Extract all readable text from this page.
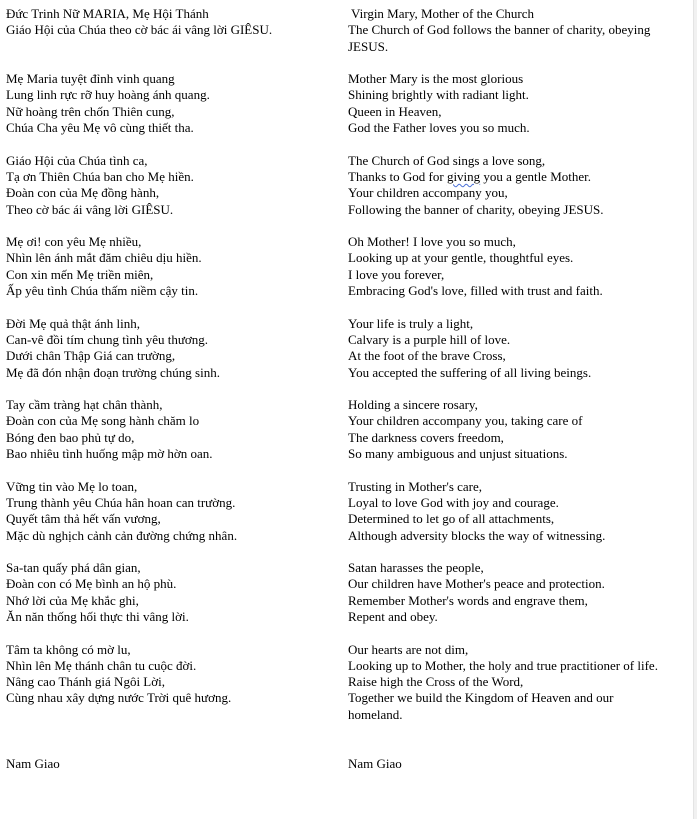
Đức Trinh Nữ MARIA, Mẹ Hội Thánh
Giáo Hội của Chúa theo cờ bác ái vâng lời GIÊSU.
Mẹ Maria tuyệt đỉnh vinh quang
Lung linh rực rỡ huy hoàng ánh quang.
Nữ hoàng trên chốn Thiên cung,
Chúa Cha yêu Mẹ vô cùng thiết tha.
Giáo Hội của Chúa tình ca,
Tạ ơn Thiên Chúa ban cho Mẹ hiền.
Đoàn con của Mẹ đồng hành,
Theo cờ bác ái vâng lời GIÊSU.
Mẹ ơi! con yêu Mẹ nhiều,
Nhìn lên ánh mắt đăm chiêu dịu hiền.
Con xin mến Mẹ triền miên,
Ấp yêu tình Chúa thấm niềm cậy tin.
Đời Mẹ quả thật ánh linh,
Can-vê đồi tím chung tình yêu thương.
Dưới chân Thập Giá can trường,
Mẹ đã đón nhận đoạn trường chúng sinh.
Tay cầm tràng hạt chân thành,
Đoàn con của Mẹ song hành chăm lo
Bóng đen bao phủ tự do,
Bao nhiêu tình huống mập mờ hờn oan.
Vững tin vào Mẹ lo toan,
Trung thành yêu Chúa hân hoan can trường.
Quyết tâm thả hết vấn vương,
Mặc dù nghịch cảnh cản đường chứng nhân.
Sa-tan quấy phá dân gian,
Đoàn con có Mẹ bình an hộ phù.
Nhớ lời của Mẹ khắc ghi,
Ăn năn thống hối thực thi vâng lời.
Tâm ta không có mờ lu,
Nhìn lên Mẹ thánh chân tu cuộc đời.
Nâng cao Thánh giá Ngôi Lời,
Cùng nhau xây dựng nước Trời quê hương.
Nam Giao
Virgin Mary, Mother of the Church
The Church of God follows the banner of charity, obeying
JESUS.
Mother Mary is the most glorious
Shining brightly with radiant light.
Queen in Heaven,
God the Father loves you so much.
The Church of God sings a love song,
Thanks to God for giving you a gentle Mother.
Your children accompany you,
Following the banner of charity, obeying JESUS.
Oh Mother! I love you so much,
Looking up at your gentle, thoughtful eyes.
I love you forever,
Embracing God's love, filled with trust and faith.
Your life is truly a light,
Calvary is a purple hill of love.
At the foot of the brave Cross,
You accepted the suffering of all living beings.
Holding a sincere rosary,
Your children accompany you, taking care of
The darkness covers freedom,
So many ambiguous and unjust situations.
Trusting in Mother's care,
Loyal to love God with joy and courage.
Determined to let go of all attachments,
Although adversity blocks the way of witnessing.
Satan harasses the people,
Our children have Mother's peace and protection.
Remember Mother's words and engrave them,
Repent and obey.
Our hearts are not dim,
Looking up to Mother, the holy and true practitioner of life.
Raise high the Cross of the Word,
Together we build the Kingdom of Heaven and our
homeland.
Nam Giao
